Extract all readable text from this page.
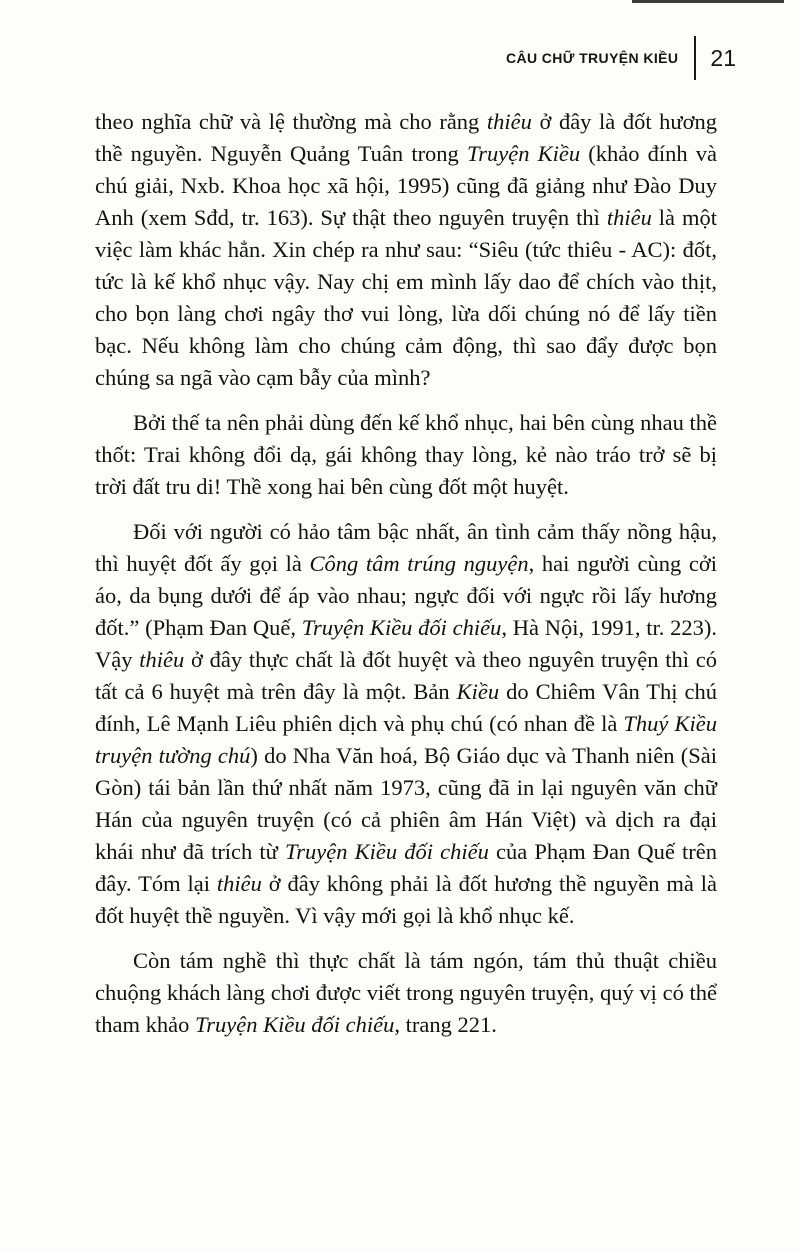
CÂU CHỮ TRUYỆN KIỀU 21

theo nghĩa chữ và lệ thường mà cho rằng thiêu ở đây là đốt hương thề nguyền. Nguyễn Quảng Tuân trong Truyện Kiều (khảo đính và chú giải, Nxb. Khoa học xã hội, 1995) cũng đã giảng như Đào Duy Anh (xem Sđd, tr. 163). Sự thật theo nguyên truyện thì thiêu là một việc làm khác hẳn. Xin chép ra như sau: “Siêu (tức thiêu - AC): đốt, tức là kế khổ nhục vậy. Nay chị em mình lấy dao để chích vào thịt, cho bọn làng chơi ngây thơ vui lòng, lừa dối chúng nó để lấy tiền bạc. Nếu không làm cho chúng cảm động, thì sao đẩy được bọn chúng sa ngã vào cạm bẫy của mình?

Bởi thế ta nên phải dùng đến kế khổ nhục, hai bên cùng nhau thề thốt: Trai không đổi dạ, gái không thay lòng, kẻ nào tráo trở sẽ bị trời đất tru di! Thề xong hai bên cùng đốt một huyệt.

Đối với người có hảo tâm bậc nhất, ân tình cảm thấy nồng hậu, thì huyệt đốt ấy gọi là Công tâm trúng nguyện, hai người cùng cởi áo, da bụng dưới để áp vào nhau; ngực đối với ngực rồi lấy hương đốt.” (Phạm Đan Quế, Truyện Kiều đối chiếu, Hà Nội, 1991, tr. 223). Vậy thiêu ở đây thực chất là đốt huyệt và theo nguyên truyện thì có tất cả 6 huyệt mà trên đây là một. Bản Kiều do Chiêm Vân Thị chú đính, Lê Mạnh Liêu phiên dịch và phụ chú (có nhan đề là Thuý Kiều truyện tường chú) do Nha Văn hoá, Bộ Giáo dục và Thanh niên (Sài Gòn) tái bản lần thứ nhất năm 1973, cũng đã in lại nguyên văn chữ Hán của nguyên truyện (có cả phiên âm Hán Việt) và dịch ra đại khái như đã trích từ Truyện Kiều đối chiếu của Phạm Đan Quế trên đây. Tóm lại thiêu ở đây không phải là đốt hương thề nguyền mà là đốt huyệt thề nguyền. Vì vậy mới gọi là khổ nhục kế.

Còn tám nghề thì thực chất là tám ngón, tám thủ thuật chiều chuộng khách làng chơi được viết trong nguyên truyện, quý vị có thể tham khảo Truyện Kiều đối chiếu, trang 221.
